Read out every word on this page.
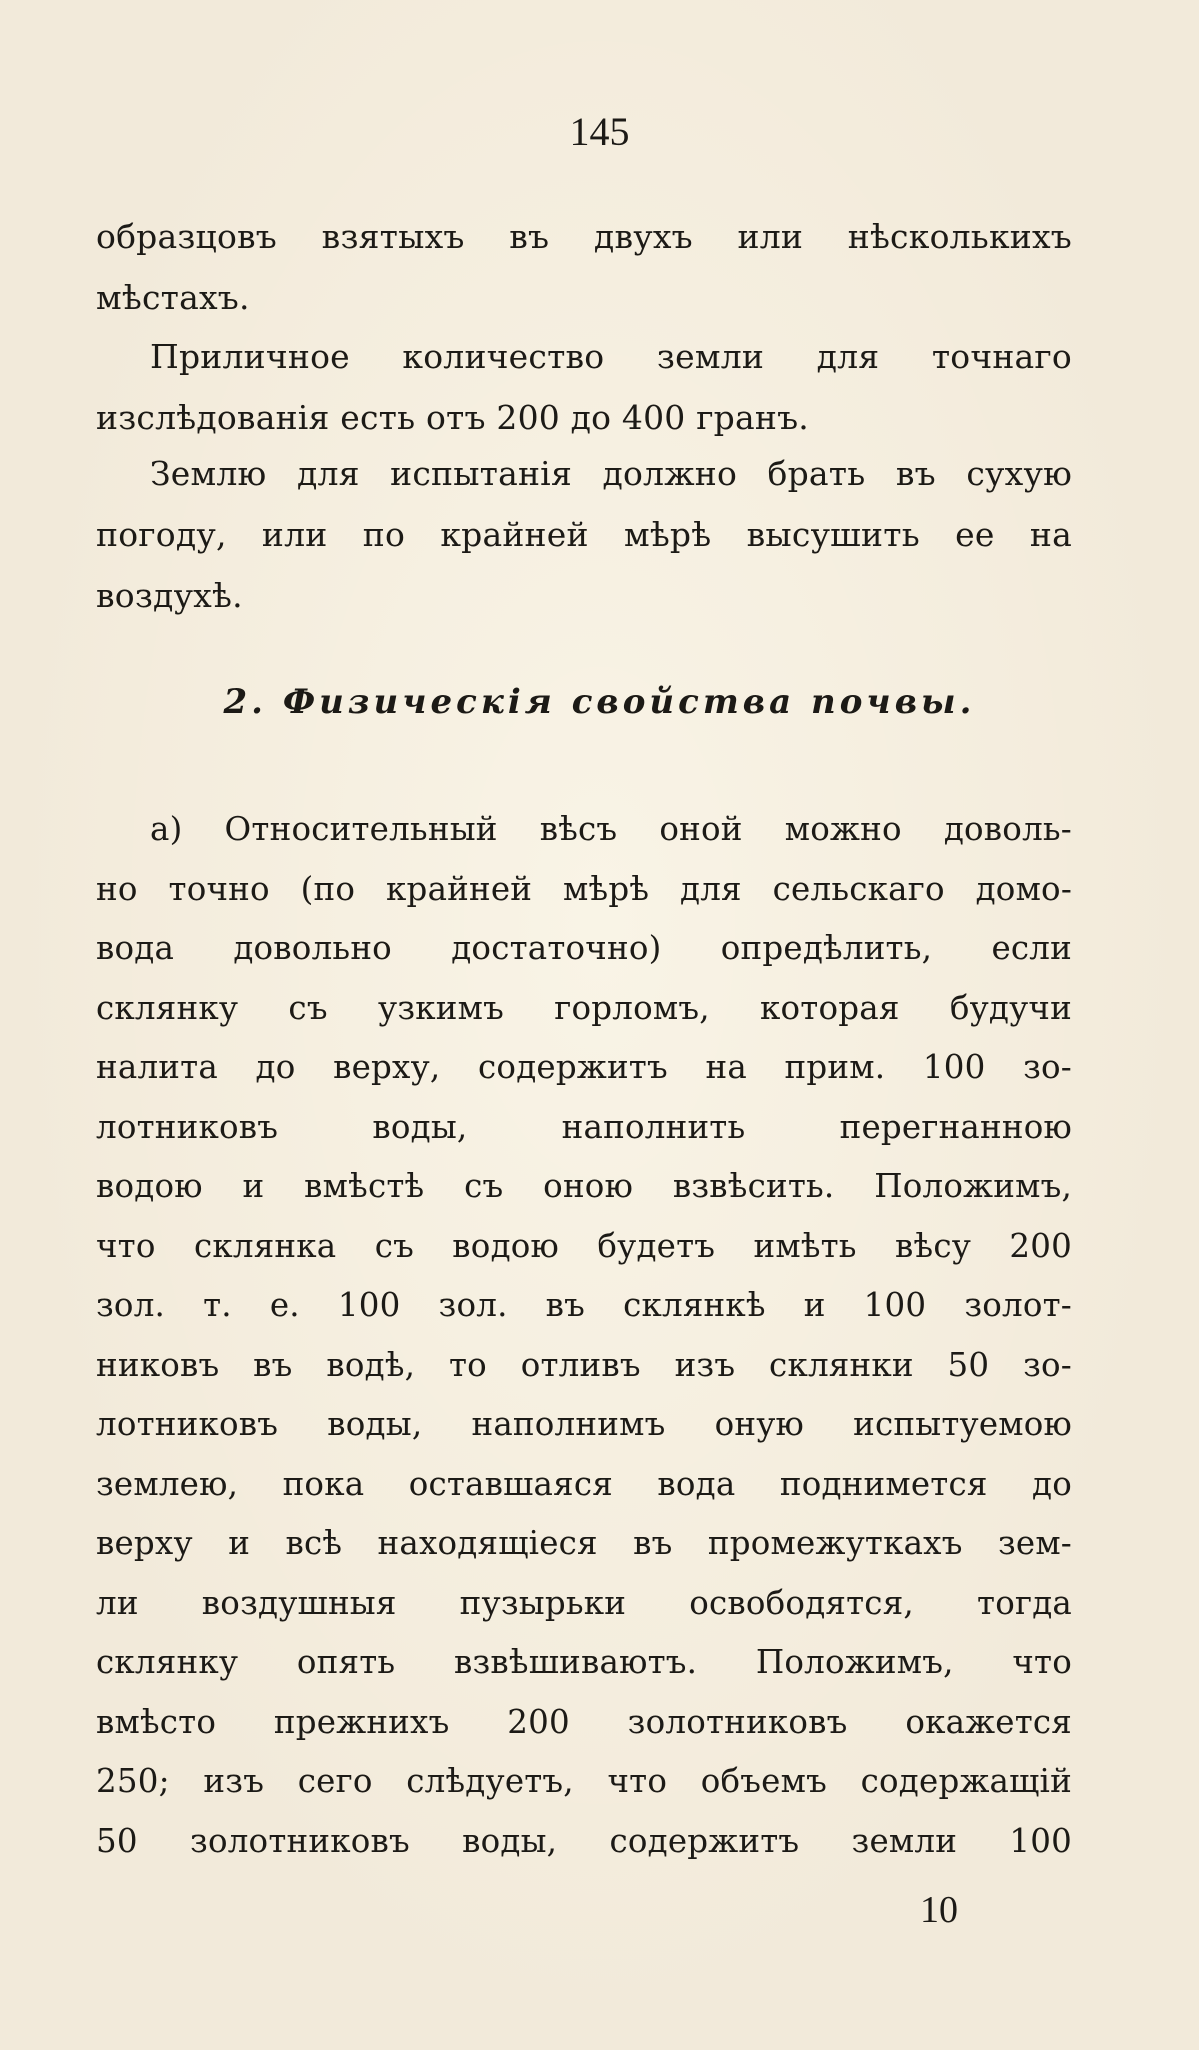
145
образцовъ взятыхъ въ двухъ или нѣсколькихъ
мѣстахъ.
Приличное количество земли для точнаго
изслѣдованія есть отъ 200 до 400 гранъ.
Землю для испытанія должно брать въ сухую
погоду, или по крайней мѣрѣ высушить ее на
воздухѣ.
2. Физическія свойства почвы.
а) Относительный вѣсъ оной можно доволь-
но точно (по крайней мѣрѣ для сельскаго домо-
вода довольно достаточно) опредѣлить, если
склянку съ узкимъ горломъ, которая будучи
налита до верху, содержитъ на прим. 100 зо-
лотниковъ воды, наполнить перегнанною
водою и вмѣстѣ съ оною взвѣсить. Положимъ,
что склянка съ водою будетъ имѣть вѣсу 200
зол. т. е. 100 зол. въ склянкѣ и 100 золот-
никовъ въ водѣ, то отливъ изъ склянки 50 зо-
лотниковъ воды, наполнимъ оную испытуемою
землею, пока оставшаяся вода поднимется до
верху и всѣ находящіеся въ промежуткахъ зем-
ли воздушныя пузырьки освободятся, тогда
склянку опять взвѣшиваютъ. Положимъ, что
вмѣсто прежнихъ 200 золотниковъ окажется
250; изъ сего слѣдуетъ, что объемъ содержащій
50 золотниковъ воды, содержитъ земли 100
10
